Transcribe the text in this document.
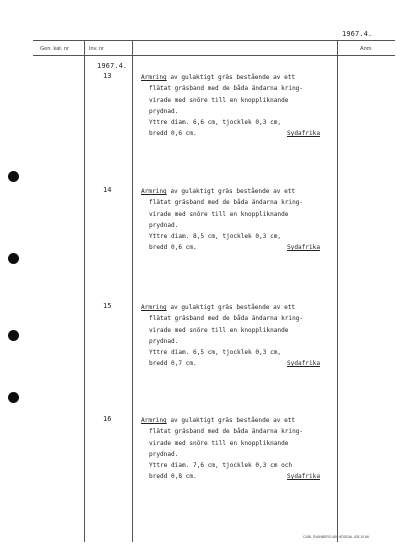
1967.4.
Gen. kat. nr	Inv. nr	Anm.
1967.4.
13	Armring av gulaktigt gräs bestående av ett
flätat gräsband med de båda ändarna kring-
virade med snöre till en knoppliknande
prydnad.
Yttre diam. 6,6 cm, tjocklek 0,3 cm,
bredd 0,6 cm.	Sydafrika
14	Armring av gulaktigt gräs bestående av ett
flätat gräsband med de båda ändarna kring-
virade med snöre till en knoppliknande
prydnad.
Yttre diam. 8,5 cm, tjocklek 0,3 cm,
bredd 0,6 cm.	Sydafrika
15	Armring av gulaktigt gräs bestående av ett
flätat gräsband med de båda ändarna kring-
virade med snöre till en knoppliknande
prydnad.
Yttre diam. 6,5 cm, tjocklek 0,3 cm,
bredd 0,7 cm.	Sydafrika
16	Armring av gulaktigt gräs bestående av ett
flätat gräsband med de båda ändarna kring-
virade med snöre till en knoppliknande
prydnad.
Yttre diam. 7,6 cm, tjocklek 0,3 cm och
bredd 0,8 cm.	Sydafrika
CARL SVANBERG AB. HÖGDAL 428 10 66
